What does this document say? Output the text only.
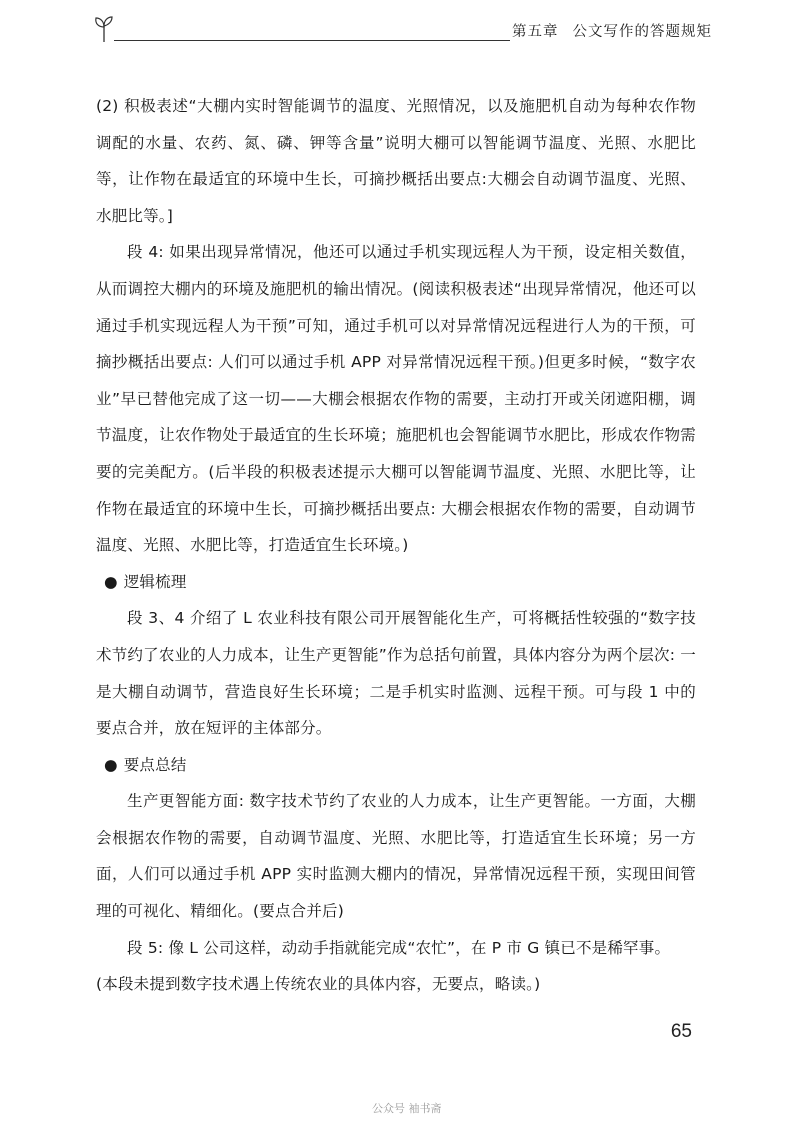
第五章 公文写作的答题规矩

(2) 积极表述“大棚内实时智能调节的温度、光照情况，以及施肥机自动为每种农作物调配的水量、农药、氮、磷、钾等含量”说明大棚可以智能调节温度、光照、水肥比等，让作物在最适宜的环境中生长，可摘抄概括出要点:大棚会自动调节温度、光照、水肥比等。]

段 4: 如果出现异常情况，他还可以通过手机实现远程人为干预，设定相关数值，从而调控大棚内的环境及施肥机的输出情况。(阅读积极表述“出现异常情况，他还可以通过手机实现远程人为干预”可知，通过手机可以对异常情况远程进行人为的干预，可摘抄概括出要点: 人们可以通过手机 APP 对异常情况远程干预。)但更多时候，“数字农业”早已替他完成了这一切——大棚会根据农作物的需要，主动打开或关闭遮阳棚，调节温度，让农作物处于最适宜的生长环境；施肥机也会智能调节水肥比，形成农作物需要的完美配方。(后半段的积极表述提示大棚可以智能调节温度、光照、水肥比等，让作物在最适宜的环境中生长，可摘抄概括出要点: 大棚会根据农作物的需要，自动调节温度、光照、水肥比等，打造适宜生长环境。)

● 逻辑梳理

段 3、4 介绍了 L 农业科技有限公司开展智能化生产，可将概括性较强的“数字技术节约了农业的人力成本，让生产更智能”作为总括句前置，具体内容分为两个层次: 一是大棚自动调节，营造良好生长环境；二是手机实时监测、远程干预。可与段 1 中的要点合并，放在短评的主体部分。

● 要点总结

生产更智能方面: 数字技术节约了农业的人力成本，让生产更智能。一方面，大棚会根据农作物的需要，自动调节温度、光照、水肥比等，打造适宜生长环境；另一方面，人们可以通过手机 APP 实时监测大棚内的情况，异常情况远程干预，实现田间管理的可视化、精细化。(要点合并后)

段 5: 像 L 公司这样，动动手指就能完成“农忙”，在 P 市 G 镇已不是稀罕事。

(本段未提到数字技术遇上传统农业的具体内容，无要点，略读。)

65
公众号 袖书斋
